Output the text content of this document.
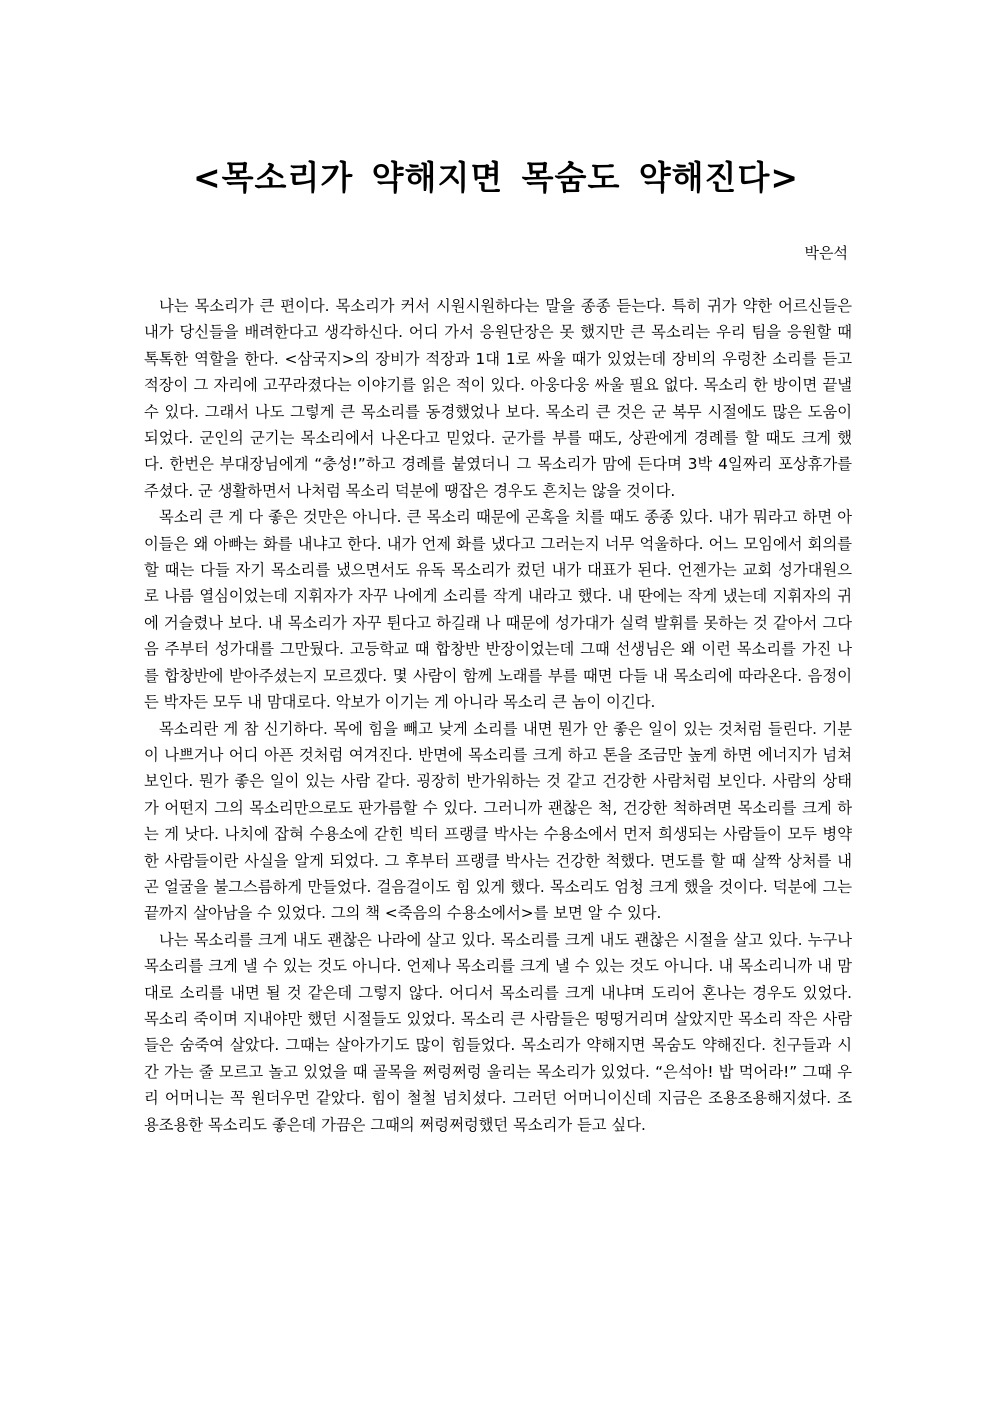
<목소리가 약해지면 목숨도 약해진다>
박은석

나는 목소리가 큰 편이다. 목소리가 커서 시원시원하다는 말을 종종 듣는다. 특히 귀가 약한 어르신들은 내가 당신들을 배려한다고 생각하신다. 어디 가서 응원단장은 못 했지만 큰 목소리는 우리 팀을 응원할 때 톡톡한 역할을 한다. <삼국지>의 장비가 적장과 1대 1로 싸울 때가 있었는데 장비의 우렁찬 소리를 듣고 적장이 그 자리에 고꾸라졌다는 이야기를 읽은 적이 있다. 아웅다웅 싸울 필요 없다. 목소리 한 방이면 끝낼 수 있다. 그래서 나도 그렇게 큰 목소리를 동경했었나 보다. 목소리 큰 것은 군 복무 시절에도 많은 도움이 되었다. 군인의 군기는 목소리에서 나온다고 믿었다. 군가를 부를 때도, 상관에게 경례를 할 때도 크게 했다. 한번은 부대장님에게 “충성!”하고 경례를 붙였더니 그 목소리가 맘에 든다며 3박 4일짜리 포상휴가를 주셨다. 군 생활하면서 나처럼 목소리 덕분에 땡잡은 경우도 흔치는 않을 것이다.

목소리 큰 게 다 좋은 것만은 아니다. 큰 목소리 때문에 곤혹을 치를 때도 종종 있다. 내가 뭐라고 하면 아이들은 왜 아빠는 화를 내냐고 한다. 내가 언제 화를 냈다고 그러는지 너무 억울하다. 어느 모임에서 회의를 할 때는 다들 자기 목소리를 냈으면서도 유독 목소리가 컸던 내가 대표가 된다. 언젠가는 교회 성가대원으로 나름 열심이었는데 지휘자가 자꾸 나에게 소리를 작게 내라고 했다. 내 딴에는 작게 냈는데 지휘자의 귀에 거슬렸나 보다. 내 목소리가 자꾸 튄다고 하길래 나 때문에 성가대가 실력 발휘를 못하는 것 같아서 그다음 주부터 성가대를 그만뒀다. 고등학교 때 합창반 반장이었는데 그때 선생님은 왜 이런 목소리를 가진 나를 합창반에 받아주셨는지 모르겠다. 몇 사람이 함께 노래를 부를 때면 다들 내 목소리에 따라온다. 음정이든 박자든 모두 내 맘대로다. 악보가 이기는 게 아니라 목소리 큰 놈이 이긴다.

목소리란 게 참 신기하다. 목에 힘을 빼고 낮게 소리를 내면 뭔가 안 좋은 일이 있는 것처럼 들린다. 기분이 나쁘거나 어디 아픈 것처럼 여겨진다. 반면에 목소리를 크게 하고 톤을 조금만 높게 하면 에너지가 넘쳐 보인다. 뭔가 좋은 일이 있는 사람 같다. 굉장히 반가워하는 것 같고 건강한 사람처럼 보인다. 사람의 상태가 어떤지 그의 목소리만으로도 판가름할 수 있다. 그러니까 괜찮은 척, 건강한 척하려면 목소리를 크게 하는 게 낫다. 나치에 잡혀 수용소에 갇힌 빅터 프랭클 박사는 수용소에서 먼저 희생되는 사람들이 모두 병약한 사람들이란 사실을 알게 되었다. 그 후부터 프랭클 박사는 건강한 척했다. 면도를 할 때 살짝 상처를 내곤 얼굴을 불그스름하게 만들었다. 걸음걸이도 힘 있게 했다. 목소리도 엄청 크게 했을 것이다. 덕분에 그는 끝까지 살아남을 수 있었다. 그의 책 <죽음의 수용소에서>를 보면 알 수 있다.

나는 목소리를 크게 내도 괜찮은 나라에 살고 있다. 목소리를 크게 내도 괜찮은 시절을 살고 있다. 누구나 목소리를 크게 낼 수 있는 것도 아니다. 언제나 목소리를 크게 낼 수 있는 것도 아니다. 내 목소리니까 내 맘대로 소리를 내면 될 것 같은데 그렇지 않다. 어디서 목소리를 크게 내냐며 도리어 혼나는 경우도 있었다. 목소리 죽이며 지내야만 했던 시절들도 있었다. 목소리 큰 사람들은 떵떵거리며 살았지만 목소리 작은 사람들은 숨죽여 살았다. 그때는 살아가기도 많이 힘들었다. 목소리가 약해지면 목숨도 약해진다. 친구들과 시간 가는 줄 모르고 놀고 있었을 때 골목을 쩌렁쩌렁 울리는 목소리가 있었다. “은석아! 밥 먹어라!” 그때 우리 어머니는 꼭 원더우먼 같았다. 힘이 철철 넘치셨다. 그러던 어머니이신데 지금은 조용조용해지셨다. 조용조용한 목소리도 좋은데 가끔은 그때의 쩌렁쩌렁했던 목소리가 듣고 싶다.
